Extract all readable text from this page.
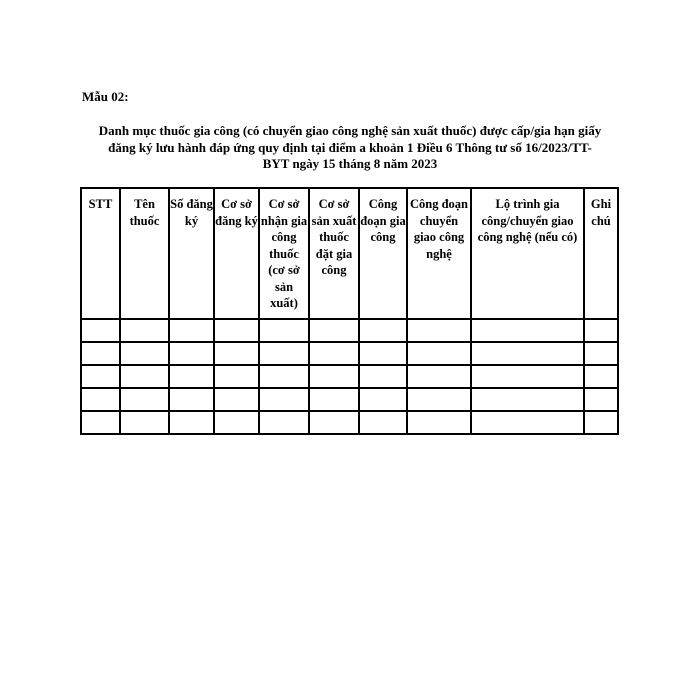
Mẫu 02:
Danh mục thuốc gia công (có chuyển giao công nghệ sản xuất thuốc) được cấp/gia hạn giấy
đăng ký lưu hành đáp ứng quy định tại điểm a khoản 1 Điều 6 Thông tư số 16/2023/TT-
BYT ngày 15 tháng 8 năm 2023
STT	Tên thuốc	Số đăng ký	Cơ sở đăng ký	Cơ sở nhận gia công thuốc (cơ sở sản xuất)	Cơ sở sản xuất thuốc đặt gia công	Công đoạn gia công	Công đoạn chuyển giao công nghệ	Lộ trình gia công/chuyển giao công nghệ (nếu có)	Ghi chú
